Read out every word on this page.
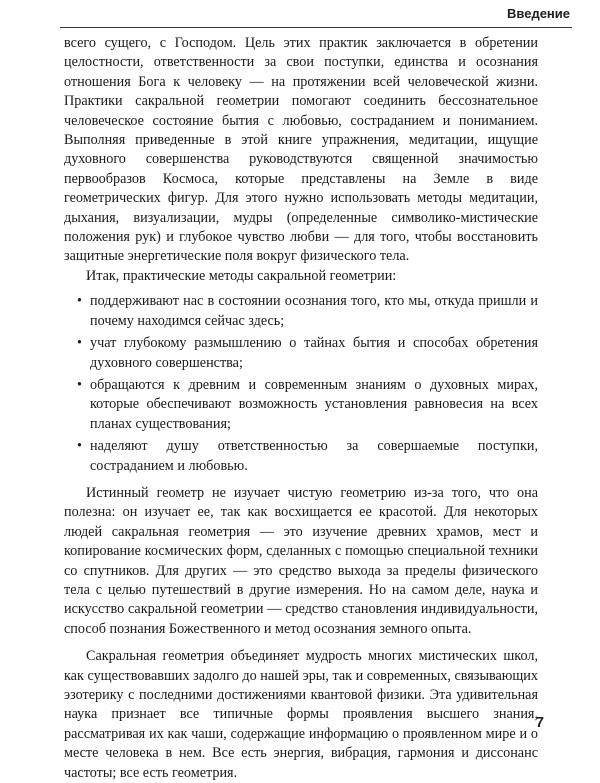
Введение

всего сущего, с Господом. Цель этих практик заключается в обретении целостности, ответственности за свои поступки, единства и осознания отношения Бога к человеку — на протяжении всей человеческой жизни. Практики сакральной геометрии помогают соединить бессознательное человеческое состояние бытия с любовью, состраданием и пониманием. Выполняя приведенные в этой книге упражнения, медитации, ищущие духовного совершенства руководствуются священной значимостью первообразов Космоса, которые представлены на Земле в виде геометрических фигур. Для этого нужно использовать методы медитации, дыхания, визуализации, мудры (определенные символико-мистические положения рук) и глубокое чувство любви — для того, чтобы восстановить защитные энергетические поля вокруг физического тела.

Итак, практические методы сакральной геометрии:

• поддерживают нас в состоянии осознания того, кто мы, откуда пришли и почему находимся сейчас здесь;
• учат глубокому размышлению о тайнах бытия и способах обретения духовного совершенства;
• обращаются к древним и современным знаниям о духовных мирах, которые обеспечивают возможность установления равновесия на всех планах существования;
• наделяют душу ответственностью за совершаемые поступки, состраданием и любовью.

Истинный геометр не изучает чистую геометрию из-за того, что она полезна: он изучает ее, так как восхищается ее красотой. Для некоторых людей сакральная геометрия — это изучение древних храмов, мест и копирование космических форм, сделанных с помощью специальной техники со спутников. Для других — это средство выхода за пределы физического тела с целью путешествий в другие измерения. Но на самом деле, наука и искусство сакральной геометрии — средство становления индивидуальности, способ познания Божественного и метод осознания земного опыта.

Сакральная геометрия объединяет мудрость многих мистических школ, как существовавших задолго до нашей эры, так и современных, связывающих эзотерику с последними достижениями квантовой физики. Эта удивительная наука признает все типичные формы проявления высшего знания, рассматривая их как чаши, содержащие информацию о проявленном мире и о месте человека в нем. Все есть энергия, вибрация, гармония и диссонанс частоты; все есть геометрия.

7
